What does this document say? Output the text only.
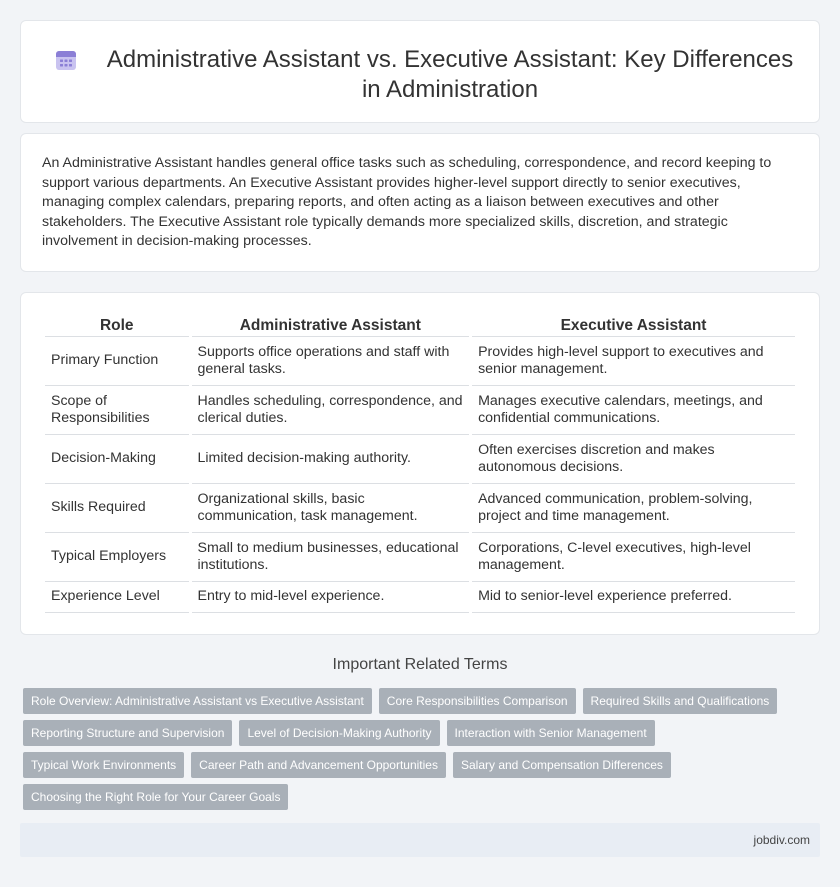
Administrative Assistant vs. Executive Assistant: Key Differences in Administration

An Administrative Assistant handles general office tasks such as scheduling, correspondence, and record keeping to support various departments. An Executive Assistant provides higher-level support directly to senior executives, managing complex calendars, preparing reports, and often acting as a liaison between executives and other stakeholders. The Executive Assistant role typically demands more specialized skills, discretion, and strategic involvement in decision-making processes.

Role	Administrative Assistant	Executive Assistant
Primary Function	Supports office operations and staff with general tasks.	Provides high-level support to executives and senior management.
Scope of Responsibilities	Handles scheduling, correspondence, and clerical duties.	Manages executive calendars, meetings, and confidential communications.
Decision-Making	Limited decision-making authority.	Often exercises discretion and makes autonomous decisions.
Skills Required	Organizational skills, basic communication, task management.	Advanced communication, problem-solving, project and time management.
Typical Employers	Small to medium businesses, educational institutions.	Corporations, C-level executives, high-level management.
Experience Level	Entry to mid-level experience.	Mid to senior-level experience preferred.
Important Related Terms
Role Overview: Administrative Assistant vs Executive Assistant	Core Responsibilities Comparison	Required Skills and Qualifications
Reporting Structure and Supervision	Level of Decision-Making Authority	Interaction with Senior Management
Typical Work Environments	Career Path and Advancement Opportunities	Salary and Compensation Differences
Choosing the Right Role for Your Career Goals
jobdiv.com
